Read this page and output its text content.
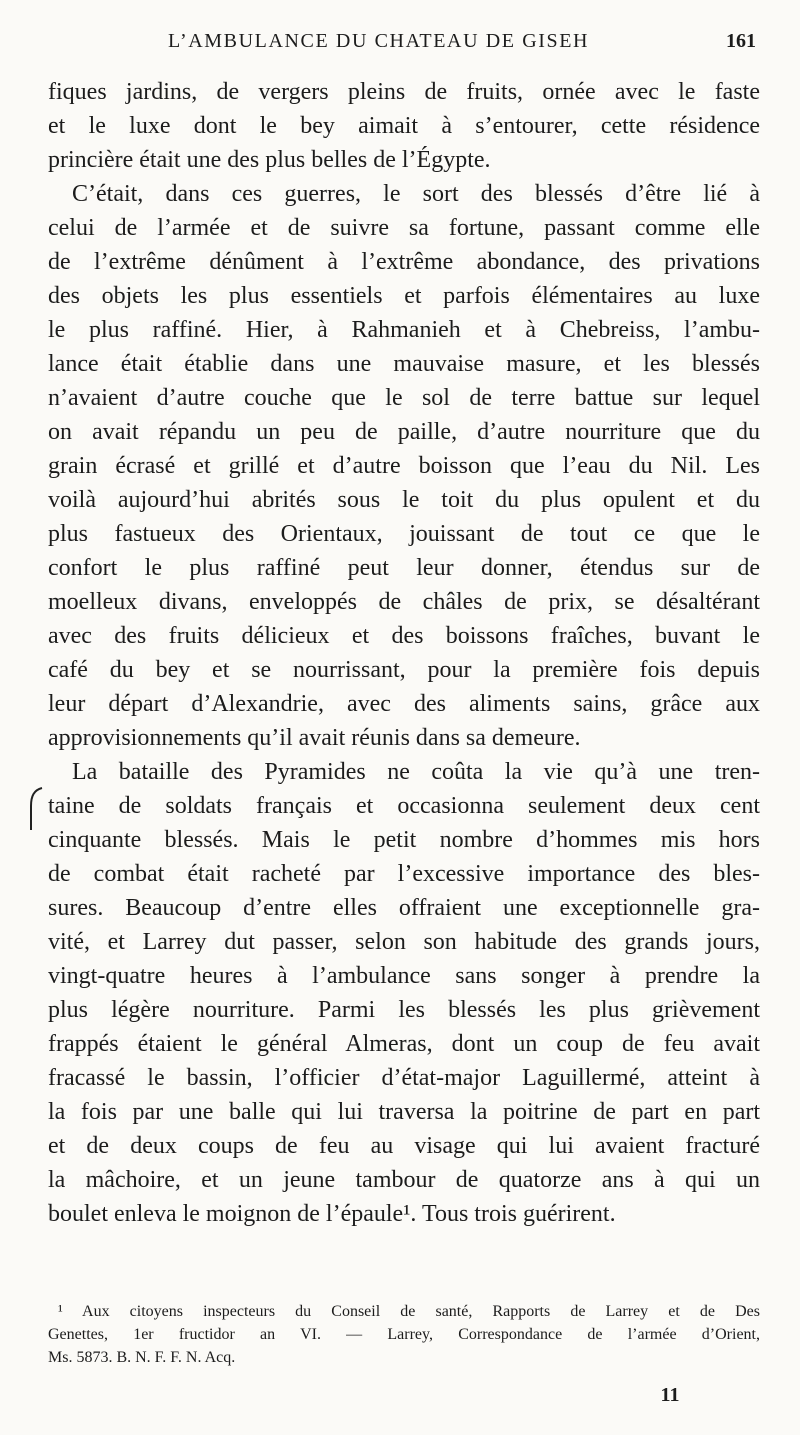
L’AMBULANCE DU CHATEAU DE GISEH	161
fiques jardins, de vergers pleins de fruits, ornée avec le faste
et le luxe dont le bey aimait à s’entourer, cette résidence
princière était une des plus belles de l’Égypte.
C’était, dans ces guerres, le sort des blessés d’être lié à
celui de l’armée et de suivre sa fortune, passant comme elle
de l’extrême dénûment à l’extrême abondance, des privations
des objets les plus essentiels et parfois élémentaires au luxe
le plus raffiné. Hier, à Rahmanieh et à Chebreiss, l’ambu-
lance était établie dans une mauvaise masure, et les blessés
n’avaient d’autre couche que le sol de terre battue sur lequel
on avait répandu un peu de paille, d’autre nourriture que du
grain écrasé et grillé et d’autre boisson que l’eau du Nil. Les
voilà aujourd’hui abrités sous le toit du plus opulent et du
plus fastueux des Orientaux, jouissant de tout ce que le
confort le plus raffiné peut leur donner, étendus sur de
moelleux divans, enveloppés de châles de prix, se désaltérant
avec des fruits délicieux et des boissons fraîches, buvant le
café du bey et se nourrissant, pour la première fois depuis
leur départ d’Alexandrie, avec des aliments sains, grâce aux
approvisionnements qu’il avait réunis dans sa demeure.
La bataille des Pyramides ne coûta la vie qu’à une tren-
taine de soldats français et occasionna seulement deux cent
cinquante blessés. Mais le petit nombre d’hommes mis hors
de combat était racheté par l’excessive importance des bles-
sures. Beaucoup d’entre elles offraient une exceptionnelle gra-
vité, et Larrey dut passer, selon son habitude des grands jours,
vingt-quatre heures à l’ambulance sans songer à prendre la
plus légère nourriture. Parmi les blessés les plus grièvement
frappés étaient le général Almeras, dont un coup de feu avait
fracassé le bassin, l’officier d’état-major Laguillermé, atteint à
la fois par une balle qui lui traversa la poitrine de part en part
et de deux coups de feu au visage qui lui avaient fracturé
la mâchoire, et un jeune tambour de quatorze ans à qui un
boulet enleva le moignon de l’épaule¹. Tous trois guérirent.
¹ Aux citoyens inspecteurs du Conseil de santé, Rapports de Larrey et de Des
Genettes, 1er fructidor an VI. — Larrey, Correspondance de l’armée d’Orient,
Ms. 5873. B. N. F. F. N. Acq.
11
